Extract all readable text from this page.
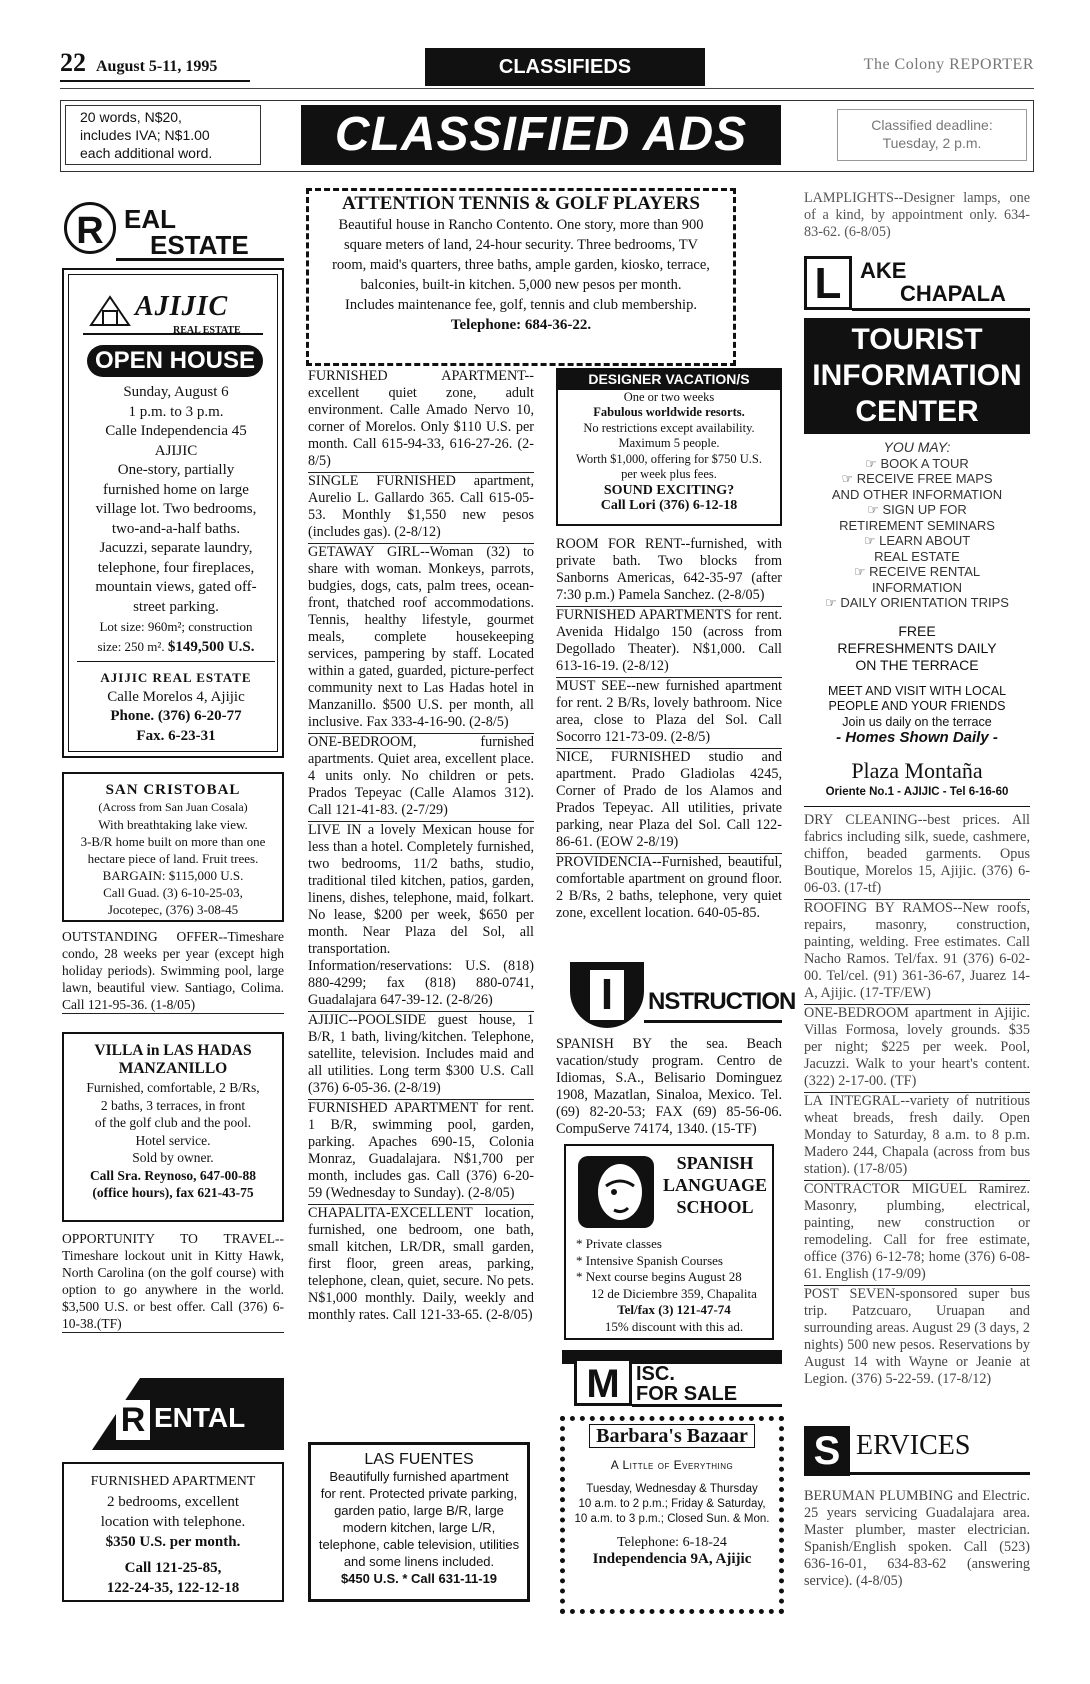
22 August 5-11, 1995	CLASSIFIEDS	The Colony REPORTER
20 words, N$20,
includes IVA; N$1.00
each additional word.	CLASSIFIED ADS	Classified deadline:
Tuesday, 2 p.m.
R EAL
ESTATE
AJIJIC
REAL ESTATE
OPEN HOUSE
Sunday, August 6
1 p.m. to 3 p.m.
Calle Independencia 45
AJIJIC
One-story, partially
furnished home on large
village lot. Two bedrooms,
two-and-a-half baths.
Jacuzzi, separate laundry,
telephone, four fireplaces,
mountain views, gated off-
street parking.
Lot size: 960m²; construction
size: 250 m². $149,500 U.S.
AJIJIC REAL ESTATE
Calle Morelos 4, Ajijic
Phone. (376) 6-20-77
Fax. 6-23-31
SAN CRISTOBAL
(Across from San Juan Cosala)
With breathtaking lake view.
3-B/R home built on more than one
hectare piece of land. Fruit trees.
BARGAIN: $115,000 U.S.
Call Guad. (3) 6-10-25-03,
Jocotepec, (376) 3-08-45
OUTSTANDING OFFER--Timeshare condo, 28 weeks per year (except high holiday periods). Swimming pool, large lawn, beautiful view. Santiago, Colima. Call 121-95-36. (1-8/05)
VILLA in LAS HADAS
MANZANILLO
Furnished, comfortable, 2 B/Rs,
2 baths, 3 terraces, in front
of the golf club and the pool.
Hotel service.
Sold by owner.
Call Sra. Reynoso, 647-00-88
(office hours), fax 621-43-75
OPPORTUNITY TO TRAVEL--Timeshare lockout unit in Kitty Hawk, North Carolina (on the golf course) with option to go anywhere in the world. $3,500 U.S. or best offer. Call (376) 6-10-38.(TF)
R ENTAL
FURNISHED APARTMENT
2 bedrooms, excellent
location with telephone.
$350 U.S. per month.
Call 121-25-85,
122-24-35, 122-12-18
ATTENTION TENNIS & GOLF PLAYERS
Beautiful house in Rancho Contento. One story, more than 900
square meters of land, 24-hour security. Three bedrooms, TV
room, maid's quarters, three baths, ample garden, kiosko, terrace,
balconies, built-in kitchen. 5,000 new pesos per month.
Includes maintenance fee, golf, tennis and club membership.
Telephone: 684-36-22.
FURNISHED APARTMENT--excellent quiet zone, adult environment. Calle Amado Nervo 10, corner of Morelos. Only $110 U.S. per month. Call 615-94-33, 616-27-26. (2-8/5)
SINGLE FURNISHED apartment, Aurelio L. Gallardo 365. Call 615-05-53. Monthly $1,550 new pesos (includes gas). (2-8/12)
GETAWAY GIRL--Woman (32) to share with woman. Monkeys, parrots, budgies, dogs, cats, palm trees, ocean-front, thatched roof accommodations. Tennis, healthy lifestyle, gourmet meals, complete housekeeping services, pampering by staff. Located within a gated, guarded, picture-perfect community next to Las Hadas hotel in Manzanillo. $500 U.S. per month, all inclusive. Fax 333-4-16-90. (2-8/5)
ONE-BEDROOM, furnished apartments. Quiet area, excellent place. 4 units only. No children or pets. Prados Tepeyac (Calle Alamos 312). Call 121-41-83. (2-7/29)
LIVE IN a lovely Mexican house for less than a hotel. Completely furnished, two bedrooms, 11/2 baths, studio, traditional tiled kitchen, patios, garden, linens, dishes, telephone, maid, folkart. No lease, $200 per week, $650 per month. Near Plaza del Sol, all transportation. Information/reservations: U.S. (818) 880-4299; fax (818) 880-0741, Guadalajara 647-39-12. (2-8/26)
AJIJIC--POOLSIDE guest house, 1 B/R, 1 bath, living/kitchen. Telephone, satellite, television. Includes maid and all utilities. Long term $300 U.S. Call (376) 6-05-36. (2-8/19)
FURNISHED APARTMENT for rent. 1 B/R, swimming pool, garden, parking. Apaches 690-15, Colonia Monraz, Guadalajara. N$1,700 per month, includes gas. Call (376) 6-20-59 (Wednesday to Sunday). (2-8/05)
CHAPALITA-EXCELLENT location, furnished, one bedroom, one bath, small kitchen, LR/DR, small garden, first floor, green areas, parking, telephone, clean, quiet, secure. No pets. N$1,000 monthly. Daily, weekly and monthly rates. Call 121-33-65. (2-8/05)
LAS FUENTES
Beautifully furnished apartment
for rent. Protected private parking,
garden patio, large B/R, large
modern kitchen, large L/R,
telephone, cable television, utilities
and some linens included.
$450 U.S. * Call 631-11-19
DESIGNER VACATION/S
One or two weeks
Fabulous worldwide resorts.
No restrictions except availability.
Maximum 5 people.
Worth $1,000, offering for $750 U.S.
per week plus fees.
SOUND EXCITING?
Call Lori (376) 6-12-18
ROOM FOR RENT--furnished, with private bath. Two blocks from Sanborns Americas, 642-35-97 (after 7:30 p.m.) Pamela Sanchez. (2-8/05)
FURNISHED APARTMENTS for rent. Avenida Hidalgo 150 (across from Degollado Theater). N$1,000. Call 613-16-19. (2-8/12)
MUST SEE--new furnished apartment for rent. 2 B/Rs, lovely bathroom. Nice area, close to Plaza del Sol. Call Socorro 121-73-09. (2-8/5)
NICE, FURNISHED studio and apartment. Prado Gladiolas 4245, Corner of Prado de los Alamos and Prados Tepeyac. All utilities, private parking, near Plaza del Sol. Call 122-86-61. (EOW 2-8/19)
PROVIDENCIA--Furnished, beautiful, comfortable apartment on ground floor. 2 B/Rs, 2 baths, telephone, very quiet zone, excellent location. 640-05-85.
I	NSTRUCTION
SPANISH BY the sea. Beach vacation/study program. Centro de Idiomas, S.A., Belisario Dominguez 1908, Mazatlan, Sinaloa, Mexico. Tel. (69) 82-20-53; FAX (69) 85-56-06. CompuServe 74174, 1340. (15-TF)
SPANISH
LANGUAGE
SCHOOL
* Private classes
* Intensive Spanish Courses
* Next course begins August 28
12 de Diciembre 359, Chapalita
Tel/fax (3) 121-47-74
15% discount with this ad.
M ISC.
FOR SALE
Barbara's Bazaar
A Little of Everything
Tuesday, Wednesday & Thursday
10 a.m. to 2 p.m.; Friday & Saturday,
10 a.m. to 3 p.m.; Closed Sun. & Mon.
Telephone: 6-18-24
Independencia 9A, Ajijic
LAMPLIGHTS--Designer lamps, one of a kind, by appointment only. 634-83-62. (6-8/05)
L AKE
CHAPALA
TOURIST
INFORMATION
CENTER
YOU MAY:
☞ BOOK A TOUR
☞ RECEIVE FREE MAPS
AND OTHER INFORMATION
☞ SIGN UP FOR
RETIREMENT SEMINARS
☞ LEARN ABOUT
REAL ESTATE
☞ RECEIVE RENTAL
INFORMATION
☞ DAILY ORIENTATION TRIPS
FREE
REFRESHMENTS DAILY
ON THE TERRACE
MEET AND VISIT WITH LOCAL
PEOPLE AND YOUR FRIENDS
Join us daily on the terrace
- Homes Shown Daily -
Plaza Montaña
Oriente No.1 - AJIJIC - Tel 6-16-60
DRY CLEANING--best prices. All fabrics including silk, suede, cashmere, chiffon, beaded garments. Opus Boutique, Morelos 15, Ajijic. (376) 6-06-03. (17-tf)
ROOFING BY RAMOS--New roofs, repairs, masonry, construction, painting, welding. Free estimates. Call Nacho Ramos. Tel/fax. 91 (376) 6-02-00. Tel/cel. (91) 361-36-67, Juarez 14-A, Ajijic. (17-TF/EW)
ONE-BEDROOM apartment in Ajijic. Villas Formosa, lovely grounds. $35 per night; $225 per week. Pool, Jacuzzi. Walk to your heart's content. (322) 2-17-00. (TF)
LA INTEGRAL--variety of nutritious wheat breads, fresh daily. Open Monday to Saturday, 8 a.m. to 8 p.m. Madero 244, Chapala (across from bus station). (17-8/05)
CONTRACTOR MIGUEL Ramirez. Masonry, plumbing, electrical, painting, new construction or remodeling. Call for free estimate, office (376) 6-12-78; home (376) 6-08-61. English (17-9/09)
POST SEVEN-sponsored super bus trip. Patzcuaro, Uruapan and surrounding areas. August 29 (3 days, 2 nights) 500 new pesos. Reservations by August 14 with Wayne or Jeanie at Legion. (376) 5-22-59. (17-8/12)
S ERVICES
BERUMAN PLUMBING and Electric. 25 years servicing Guadalajara area. Master plumber, master electrician. Spanish/English spoken. Call (523) 636-16-01, 634-83-62 (answering service). (4-8/05)
